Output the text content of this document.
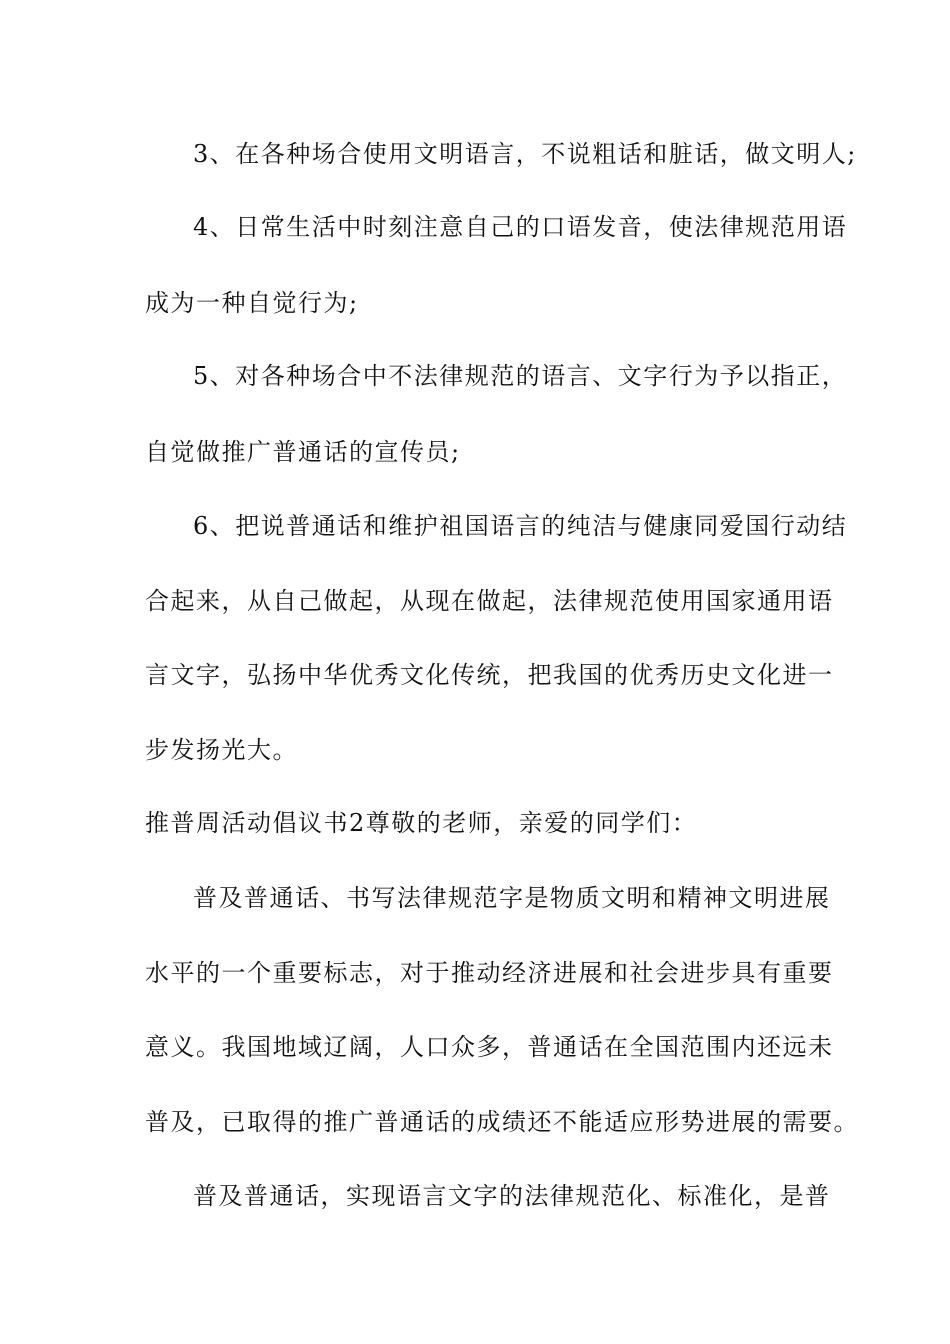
3、在各种场合使用文明语言，不说粗话和脏话，做文明人;
4、日常生活中时刻注意自己的口语发音，使法律规范用语
成为一种自觉行为;
5、对各种场合中不法律规范的语言、文字行为予以指正，
自觉做推广普通话的宣传员;
6、把说普通话和维护祖国语言的纯洁与健康同爱国行动结
合起来，从自己做起，从现在做起，法律规范使用国家通用语
言文字，弘扬中华优秀文化传统，把我国的优秀历史文化进一
步发扬光大。
推普周活动倡议书2尊敬的老师，亲爱的同学们：
普及普通话、书写法律规范字是物质文明和精神文明进展
水平的一个重要标志，对于推动经济进展和社会进步具有重要
意义。我国地域辽阔，人口众多，普通话在全国范围内还远未
普及，已取得的推广普通话的成绩还不能适应形势进展的需要。
普及普通话，实现语言文字的法律规范化、标准化，是普
